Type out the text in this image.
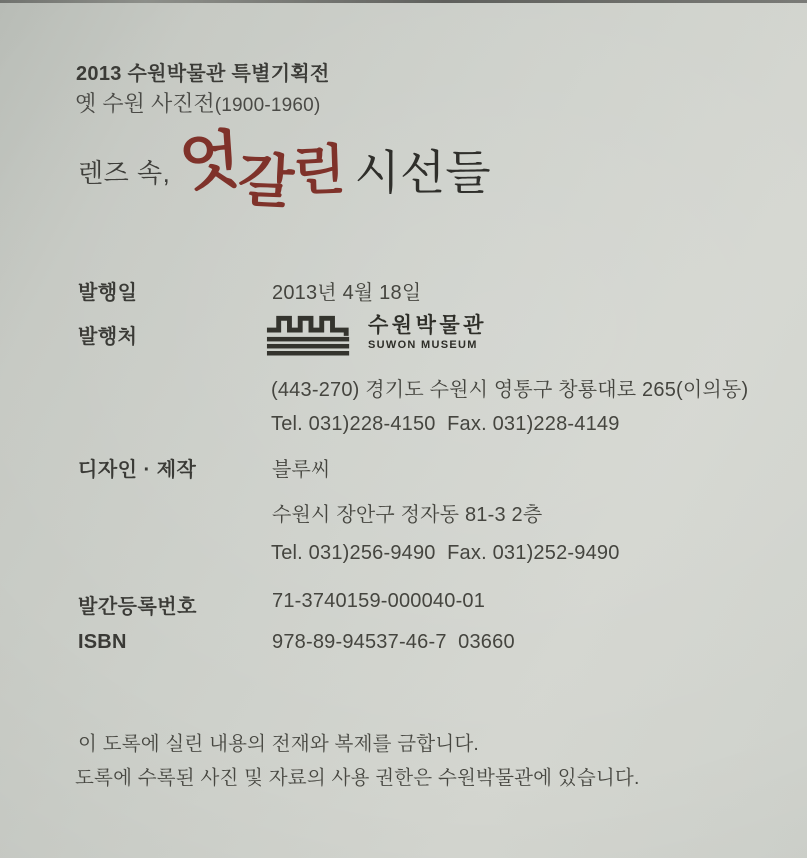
2013 수원박물관 특별기획전
옛 수원 사진전(1900-1960)
렌즈 속, 엇갈린 시선들
발행일	2013년 4월 18일
발행처	수원박물관
SUWON MUSEUM
(443-270) 경기도 수원시 영통구 창룡대로 265(이의동)
Tel. 031)228-4150  Fax. 031)228-4149
디자인 · 제작	블루씨
수원시 장안구 정자동 81-3 2층
Tel. 031)256-9490  Fax. 031)252-9490
발간등록번호	71-3740159-000040-01
ISBN	978-89-94537-46-7  03660
이 도록에 실린 내용의 전재와 복제를 금합니다.
도록에 수록된 사진 및 자료의 사용 권한은 수원박물관에 있습니다.
